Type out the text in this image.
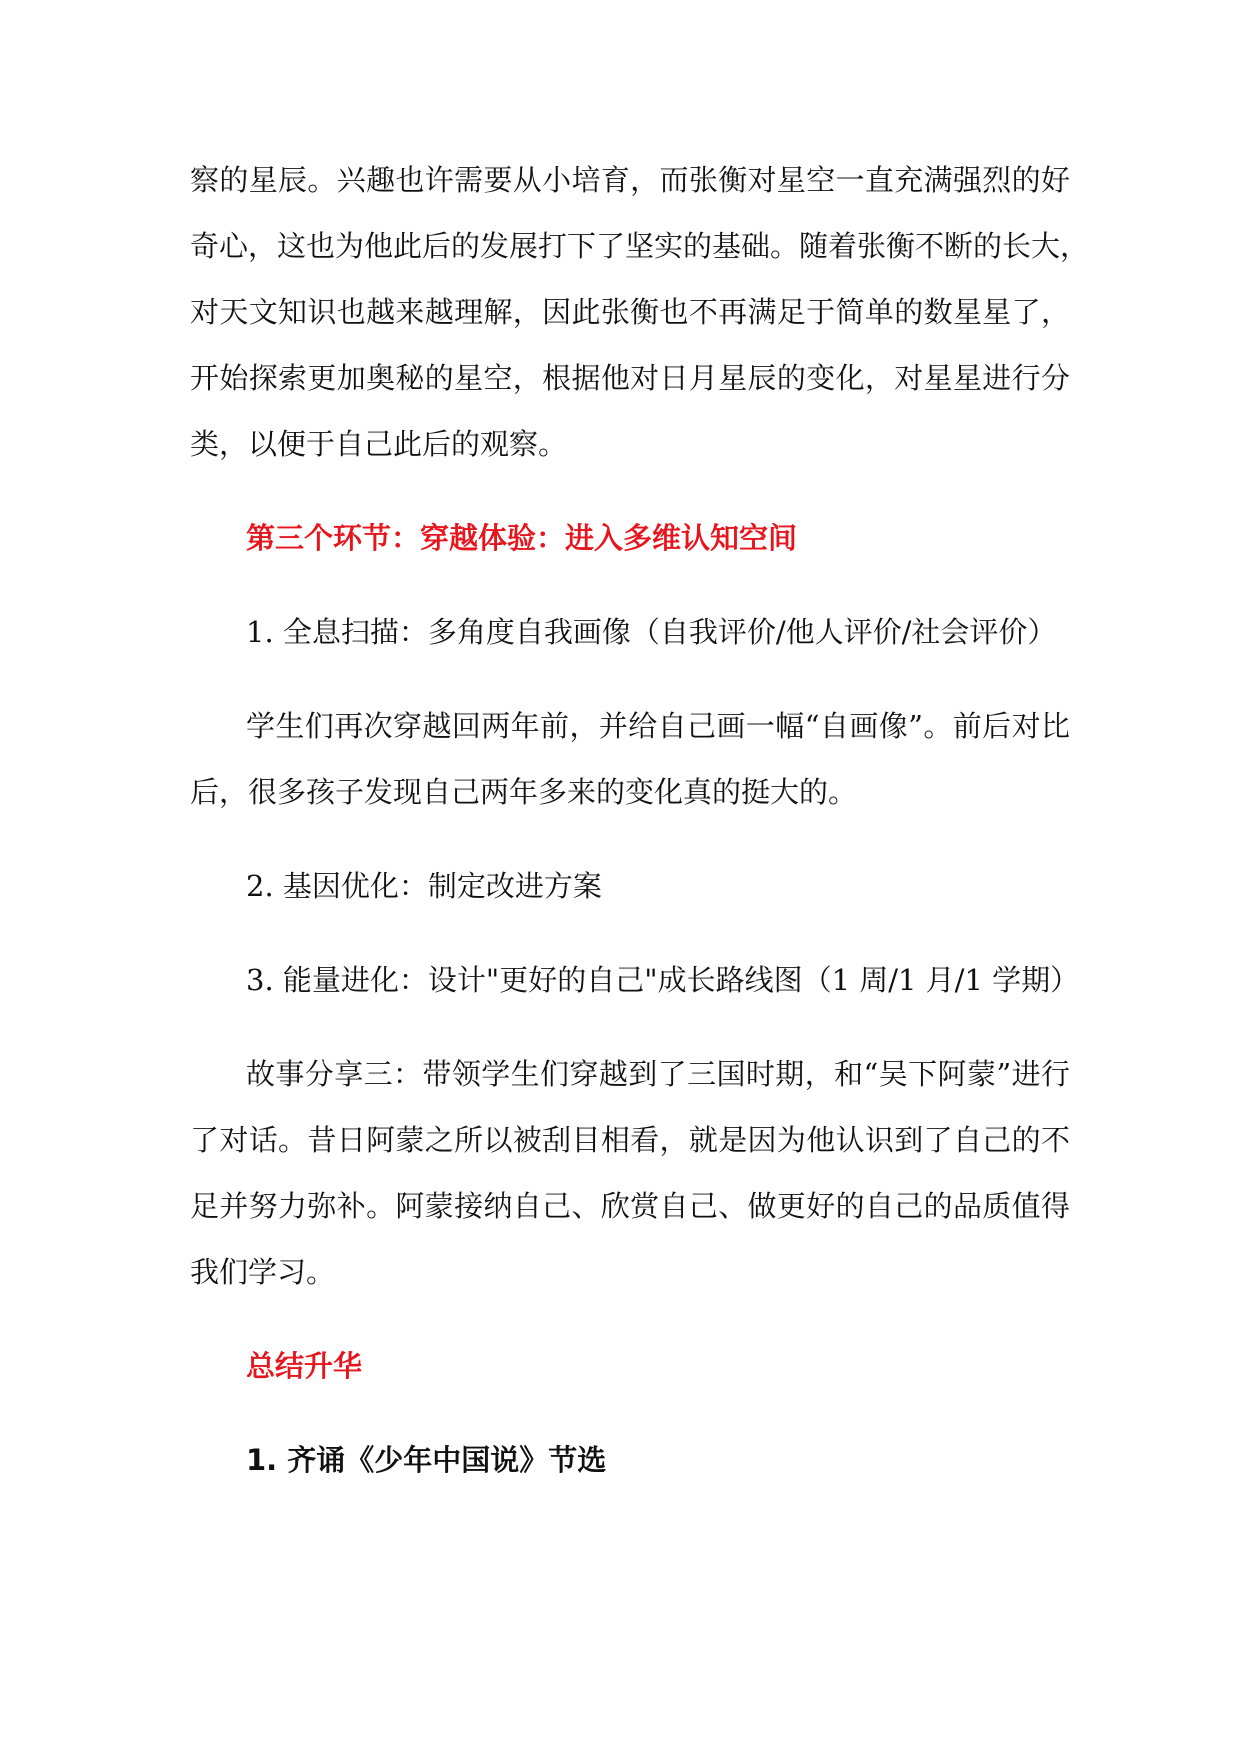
察的星辰。兴趣也许需要从小培育，而张衡对星空一直充满强烈的好
奇心，这也为他此后的发展打下了坚实的基础。随着张衡不断的长大，
对天文知识也越来越理解，因此张衡也不再满足于简单的数星星了，
开始探索更加奥秘的星空，根据他对日月星辰的变化，对星星进行分
类，以便于自己此后的观察。
第三个环节：穿越体验：进入多维认知空间
1. 全息扫描：多角度自我画像（自我评价/他人评价/社会评价）
学生们再次穿越回两年前，并给自己画一幅“自画像”。前后对比
后，很多孩子发现自己两年多来的变化真的挺大的。
2. 基因优化：制定改进方案
3. 能量进化：设计"更好的自己"成长路线图（1 周/1 月/1 学期）
故事分享三：带领学生们穿越到了三国时期，和“吴下阿蒙”进行
了对话。昔日阿蒙之所以被刮目相看，就是因为他认识到了自己的不
足并努力弥补。阿蒙接纳自己、欣赏自己、做更好的自己的品质值得
我们学习。
总结升华
1. 齐诵《少年中国说》节选
